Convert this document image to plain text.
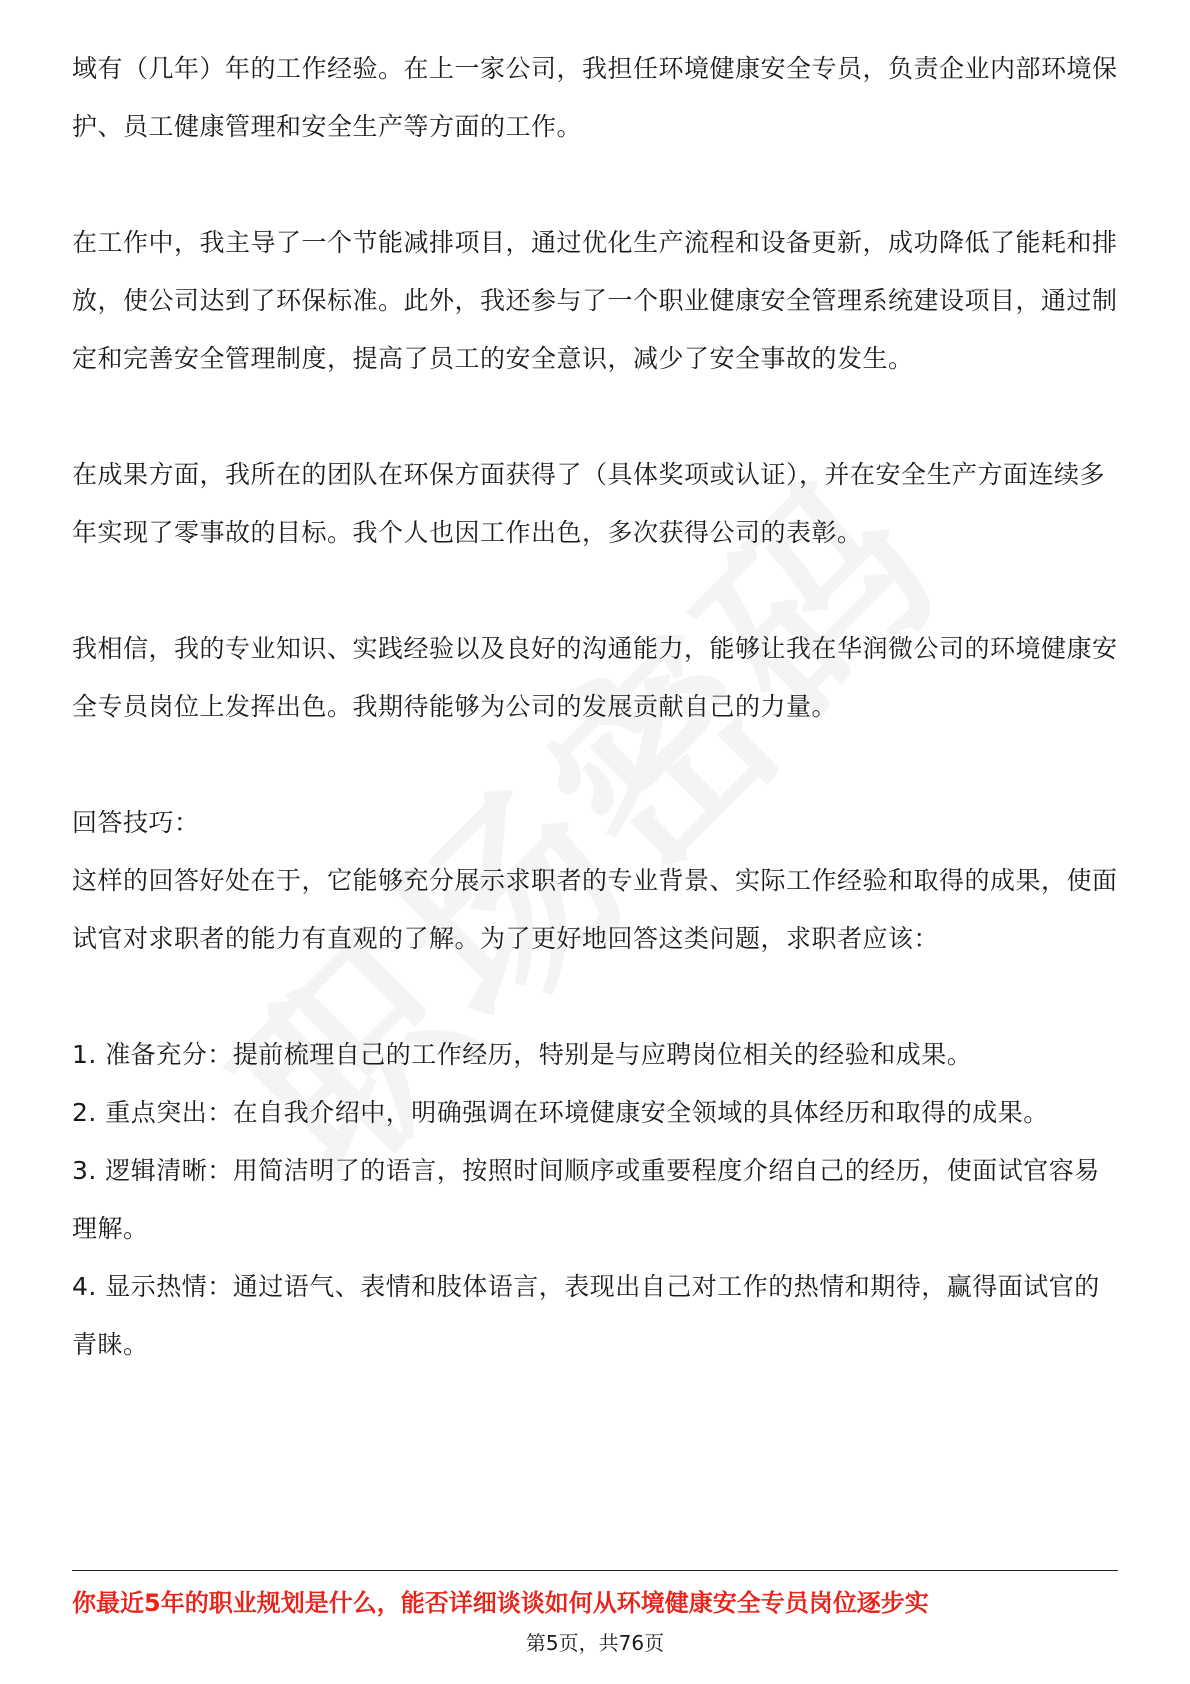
域有（几年）年的工作经验。在上一家公司，我担任环境健康安全专员，负责企业内部环境保护、员工健康管理和安全生产等方面的工作。

在工作中，我主导了一个节能减排项目，通过优化生产流程和设备更新，成功降低了能耗和排放，使公司达到了环保标准。此外，我还参与了一个职业健康安全管理系统建设项目，通过制定和完善安全管理制度，提高了员工的安全意识，减少了安全事故的发生。

在成果方面，我所在的团队在环保方面获得了（具体奖项或认证），并在安全生产方面连续多年实现了零事故的目标。我个人也因工作出色，多次获得公司的表彰。

我相信，我的专业知识、实践经验以及良好的沟通能力，能够让我在华润微公司的环境健康安全专员岗位上发挥出色。我期待能够为公司的发展贡献自己的力量。

回答技巧：

这样的回答好处在于，它能够充分展示求职者的专业背景、实际工作经验和取得的成果，使面试官对求职者的能力有直观的了解。为了更好地回答这类问题，求职者应该：

1. 准备充分：提前梳理自己的工作经历，特别是与应聘岗位相关的经验和成果。

2. 重点突出：在自我介绍中，明确强调在环境健康安全领域的具体经历和取得的成果。

3. 逻辑清晰：用简洁明了的语言，按照时间顺序或重要程度介绍自己的经历，使面试官容易理解。

4. 显示热情：通过语气、表情和肢体语言，表现出自己对工作的热情和期待，赢得面试官的青睐。

你最近5年的职业规划是什么，能否详细谈谈如何从环境健康安全专员岗位逐步实
第5页，共76页
